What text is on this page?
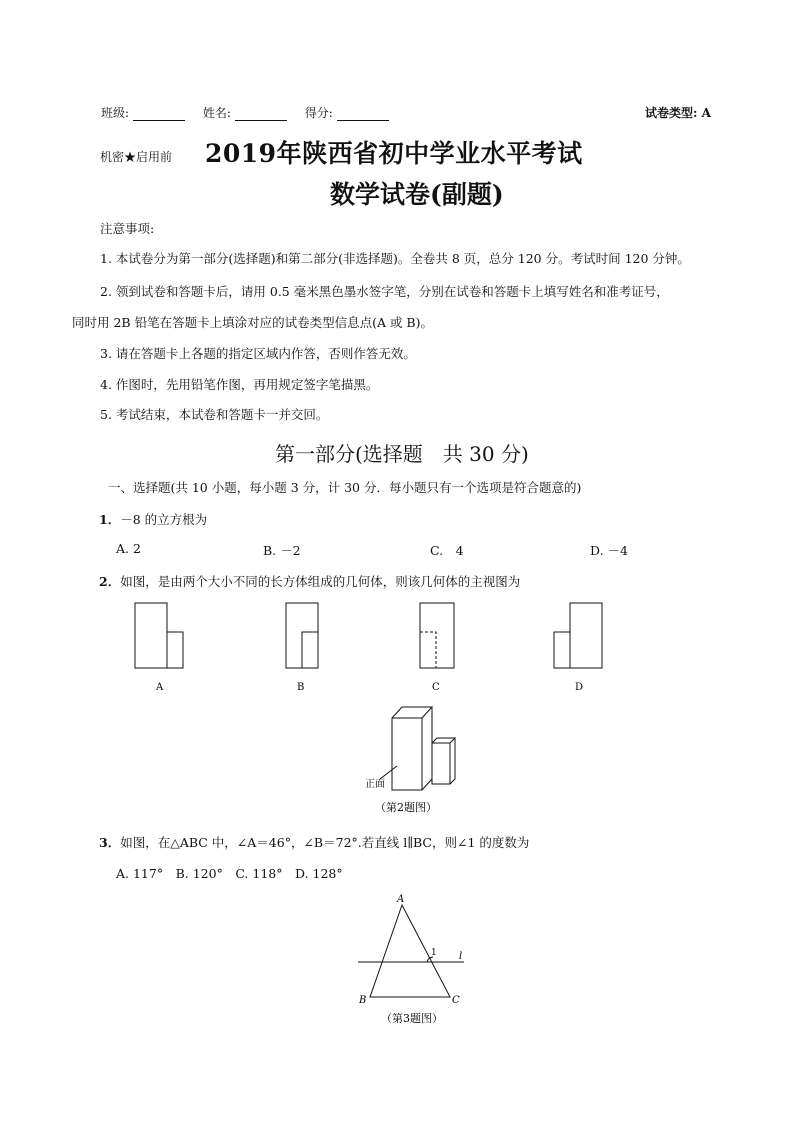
班级:	姓名:	得分:	试卷类型: A
机密★启用前 2019年陕西省初中学业水平考试
数学试卷(副题)
注意事项:
1. 本试卷分为第一部分(选择题)和第二部分(非选择题)。全卷共 8 页，总分 120 分。考试时间 120 分钟。
2. 领到试卷和答题卡后，请用 0.5 毫米黑色墨水签字笔，分别在试卷和答题卡上填写姓名和准考证号，
同时用 2B 铅笔在答题卡上填涂对应的试卷类型信息点(A 或 B)。
3. 请在答题卡上各题的指定区域内作答，否则作答无效。
4. 作图时，先用铅笔作图，再用规定签字笔描黑。
5. 考试结束，本试卷和答题卡一并交回。
第一部分(选择题　共 30 分)
一、选择题(共 10 小题，每小题 3 分，计 30 分．每小题只有一个选项是符合题意的)
1．－8 的立方根为
A. 2	B. －2	C.　4	D. －4
2．如图，是由两个大小不同的长方体组成的几何体，则该几何体的主视图为
A	B	C	D
正面
（第2题图）
A
B	C
1 l
（第3题图）
3．如图，在△ABC 中，∠A＝46°，∠B＝72°.若直线 l∥BC，则∠1 的度数为
A. 117°　B. 120°　C. 118°　D. 128°
